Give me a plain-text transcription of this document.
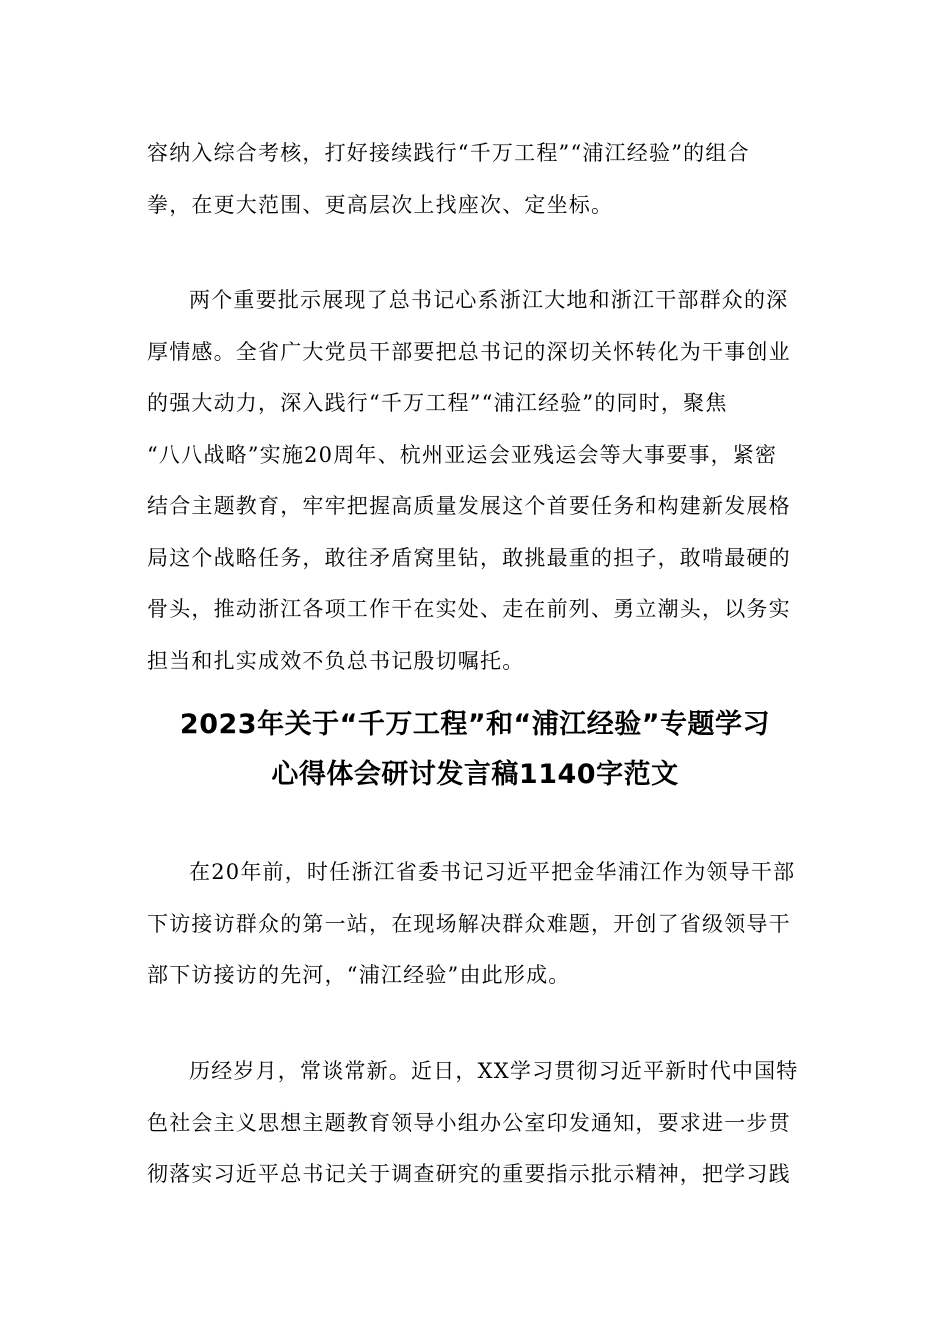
容纳入综合考核，打好接续践行“千万工程”“浦江经验”的组合
拳，在更大范围、更高层次上找座次、定坐标。
两个重要批示展现了总书记心系浙江大地和浙江干部群众的深
厚情感。全省广大党员干部要把总书记的深切关怀转化为干事创业
的强大动力，深入践行“千万工程”“浦江经验”的同时，聚焦
“八八战略”实施20周年、杭州亚运会亚残运会等大事要事，紧密
结合主题教育，牢牢把握高质量发展这个首要任务和构建新发展格
局这个战略任务，敢往矛盾窝里钻，敢挑最重的担子，敢啃最硬的
骨头，推动浙江各项工作干在实处、走在前列、勇立潮头，以务实
担当和扎实成效不负总书记殷切嘱托。
2023年关于“千万工程”和“浦江经验”专题学习
心得体会研讨发言稿1140字范文
在20年前，时任浙江省委书记习近平把金华浦江作为领导干部
下访接访群众的第一站，在现场解决群众难题，开创了省级领导干
部下访接访的先河，“浦江经验”由此形成。
历经岁月，常谈常新。近日，XX学习贯彻习近平新时代中国特
色社会主义思想主题教育领导小组办公室印发通知，要求进一步贯
彻落实习近平总书记关于调查研究的重要指示批示精神，把学习践
